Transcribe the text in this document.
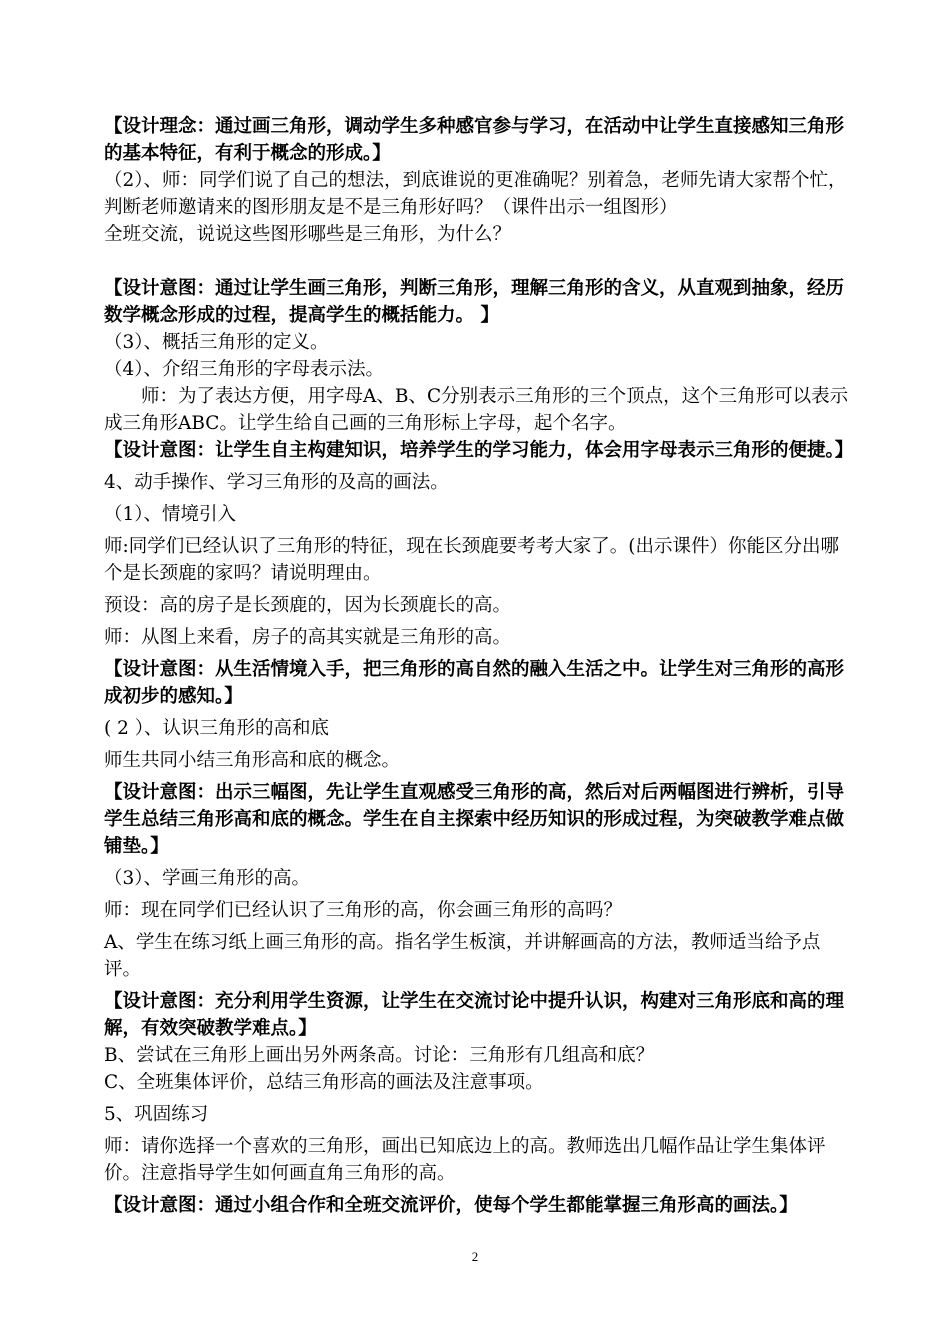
【设计理念：通过画三角形，调动学生多种感官参与学习，在活动中让学生直接感知三角形的基本特征，有利于概念的形成。】

（2）、师：同学们说了自己的想法，到底谁说的更准确呢？别着急，老师先请大家帮个忙，判断老师邀请来的图形朋友是不是三角形好吗？（课件出示一组图形）

全班交流，说说这些图形哪些是三角形，为什么？

【设计意图：通过让学生画三角形，判断三角形，理解三角形的含义，从直观到抽象，经历数学概念形成的过程，提高学生的概括能力。 】

（3）、概括三角形的定义。

（4）、介绍三角形的字母表示法。

师：为了表达方便，用字母A、B、C分别表示三角形的三个顶点，这个三角形可以表示成三角形ABC。让学生给自己画的三角形标上字母，起个名字。

【设计意图：让学生自主构建知识，培养学生的学习能力，体会用字母表示三角形的便捷。】

4、动手操作、学习三角形的及高的画法。

（1）、情境引入

师:同学们已经认识了三角形的特征，现在长颈鹿要考考大家了。(出示课件）你能区分出哪个是长颈鹿的家吗？请说明理由。

预设：高的房子是长颈鹿的，因为长颈鹿长的高。

师：从图上来看，房子的高其实就是三角形的高。

【设计意图：从生活情境入手，把三角形的高自然的融入生活之中。让学生对三角形的高形成初步的感知。】

( 2 ）、认识三角形的高和底

师生共同小结三角形高和底的概念。

【设计意图：出示三幅图，先让学生直观感受三角形的高，然后对后两幅图进行辨析，引导学生总结三角形高和底的概念。学生在自主探索中经历知识的形成过程，为突破教学难点做铺垫。】

（3）、学画三角形的高。

师：现在同学们已经认识了三角形的高，你会画三角形的高吗？

A、学生在练习纸上画三角形的高。指名学生板演，并讲解画高的方法，教师适当给予点评。

【设计意图：充分利用学生资源，让学生在交流讨论中提升认识，构建对三角形底和高的理解，有效突破教学难点。】

B、尝试在三角形上画出另外两条高。讨论：三角形有几组高和底？

C、全班集体评价，总结三角形高的画法及注意事项。

5、巩固练习

师：请你选择一个喜欢的三角形，画出已知底边上的高。教师选出几幅作品让学生集体评价。注意指导学生如何画直角三角形的高。

【设计意图：通过小组合作和全班交流评价，使每个学生都能掌握三角形高的画法。】

2
